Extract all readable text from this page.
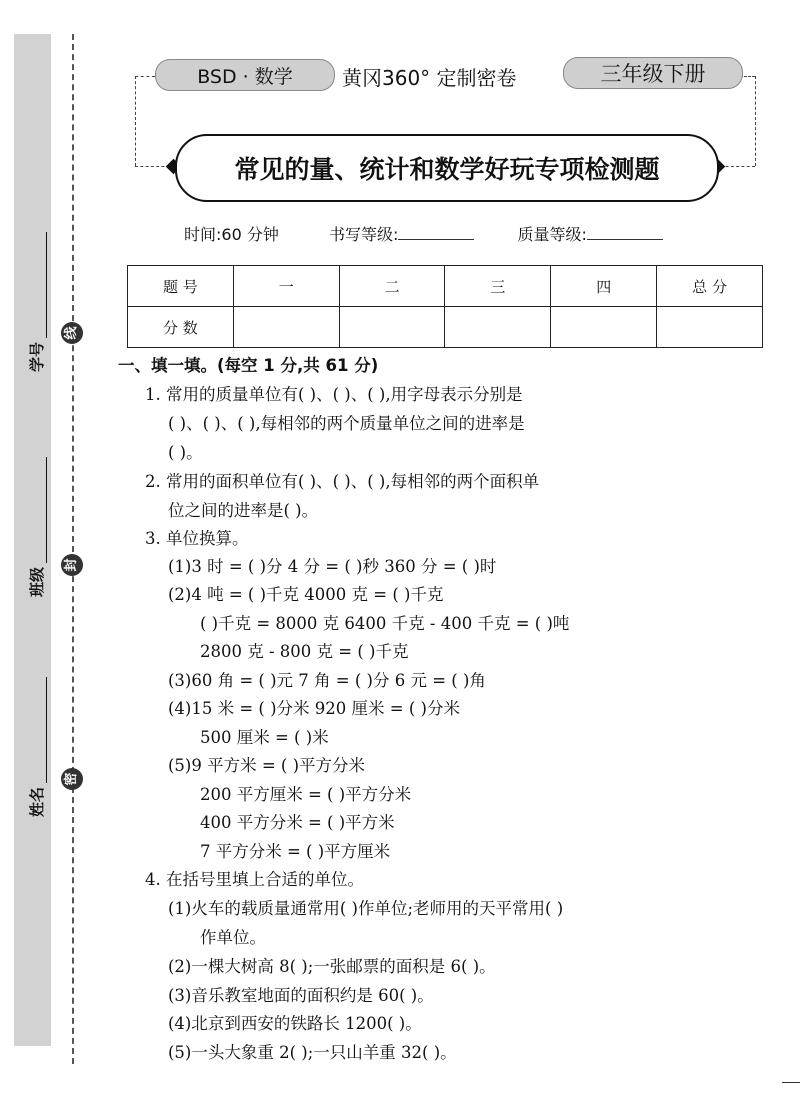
线
封
密
学号
班级
姓名
BSD · 数学	黄冈360° 定制密卷	三年级下册
常见的量、统计和数学好玩专项检测题
时间:60 分钟	书写等级:	质量等级:
题 号	一	二	三	四	总 分
分 数					
一、填一填。(每空 1 分,共 61 分)
1. 常用的质量单位有( )、( )、( ),用字母表示分别是
( )、( )、( ),每相邻的两个质量单位之间的进率是
( )。
2. 常用的面积单位有( )、( )、( ),每相邻的两个面积单
位之间的进率是( )。
3. 单位换算。
(1)3 时 = ( )分 4 分 = ( )秒 360 分 = ( )时
(2)4 吨 = ( )千克 4000 克 = ( )千克
( )千克 = 8000 克 6400 千克 - 400 千克 = ( )吨
2800 克 - 800 克 = ( )千克
(3)60 角 = ( )元 7 角 = ( )分 6 元 = ( )角
(4)15 米 = ( )分米 920 厘米 = ( )分米
500 厘米 = ( )米
(5)9 平方米 = ( )平方分米
200 平方厘米 = ( )平方分米
400 平方分米 = ( )平方米
7 平方分米 = ( )平方厘米
4. 在括号里填上合适的单位。
(1)火车的载质量通常用( )作单位;老师用的天平常用( )
作单位。
(2)一棵大树高 8( );一张邮票的面积是 6( )。
(3)音乐教室地面的面积约是 60( )。
(4)北京到西安的铁路长 1200( )。
(5)一头大象重 2( );一只山羊重 32( )。
